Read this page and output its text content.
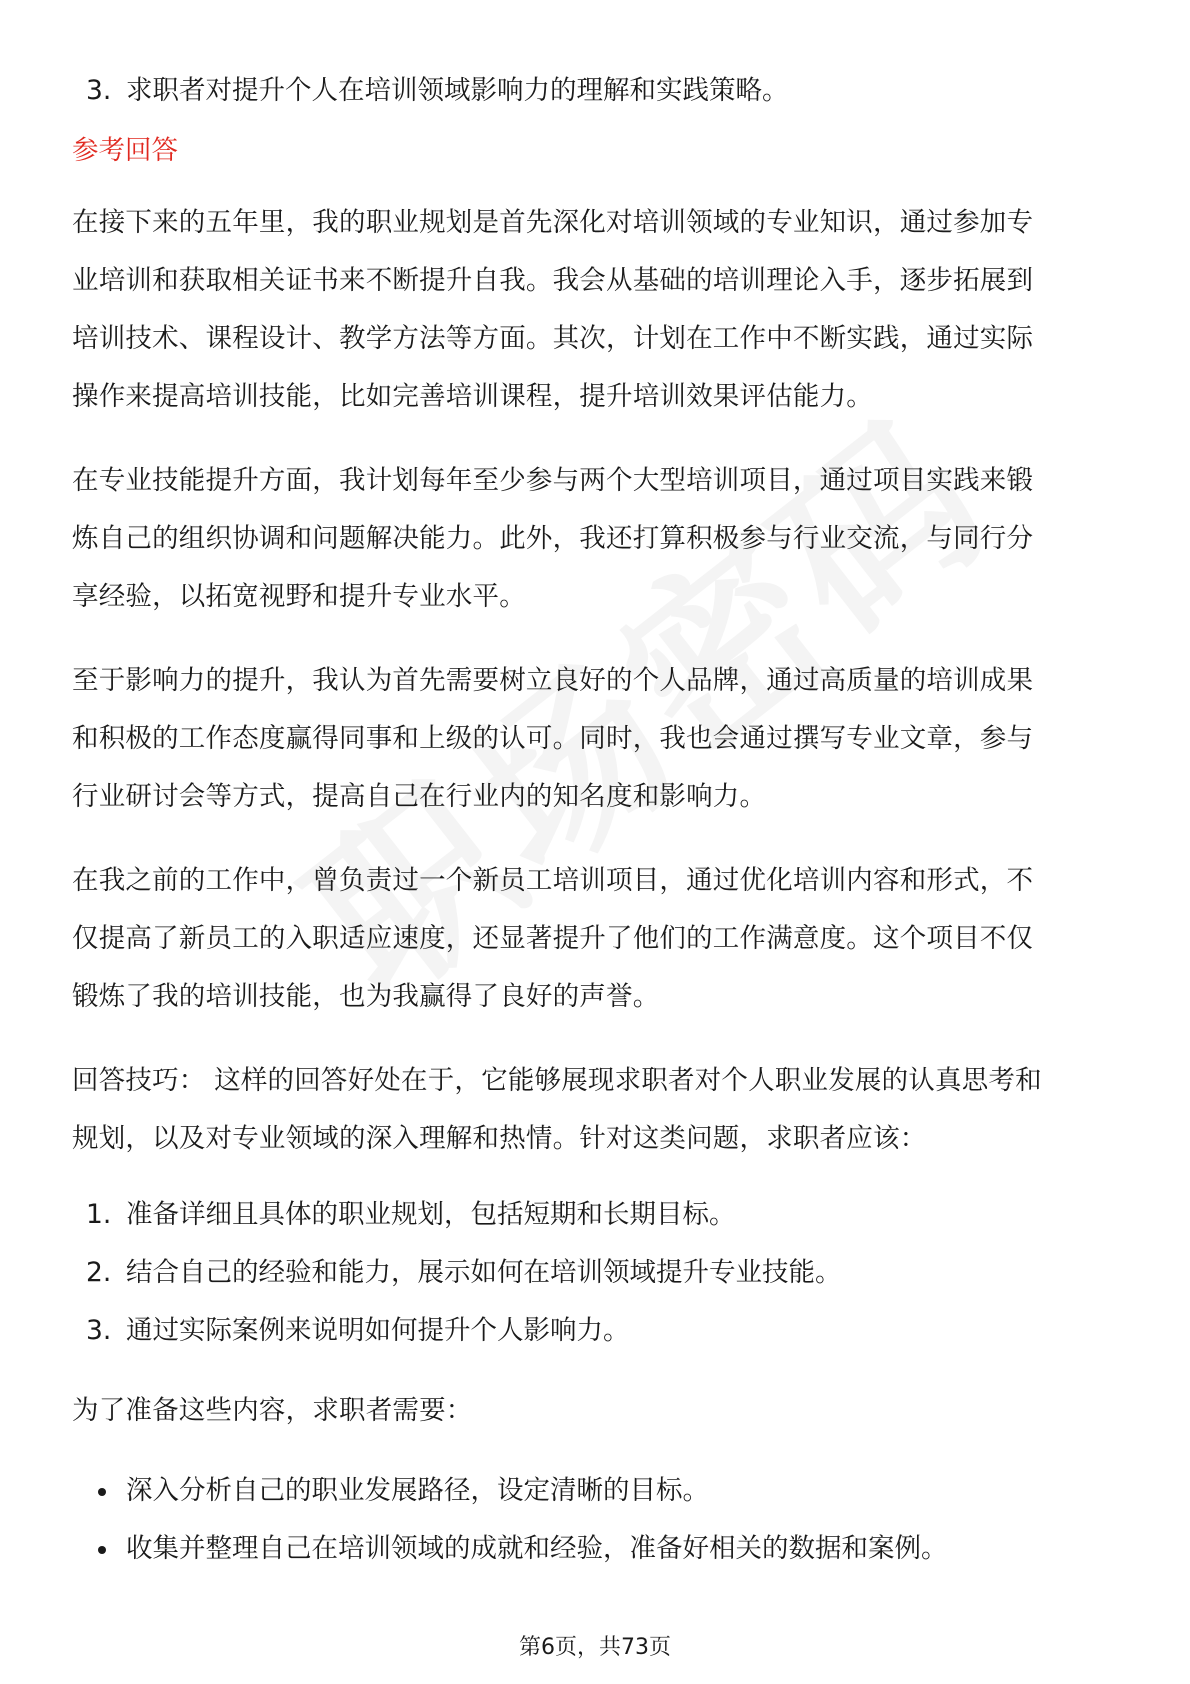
3. 求职者对提升个人在培训领域影响力的理解和实践策略。
参考回答
在接下来的五年里，我的职业规划是首先深化对培训领域的专业知识，通过参加专
业培训和获取相关证书来不断提升自我。我会从基础的培训理论入手，逐步拓展到
培训技术、课程设计、教学方法等方面。其次，计划在工作中不断实践，通过实际
操作来提高培训技能，比如完善培训课程，提升培训效果评估能力。
在专业技能提升方面，我计划每年至少参与两个大型培训项目，通过项目实践来锻
炼自己的组织协调和问题解决能力。此外，我还打算积极参与行业交流，与同行分
享经验，以拓宽视野和提升专业水平。
至于影响力的提升，我认为首先需要树立良好的个人品牌，通过高质量的培训成果
和积极的工作态度赢得同事和上级的认可。同时，我也会通过撰写专业文章，参与
行业研讨会等方式，提高自己在行业内的知名度和影响力。
在我之前的工作中，曾负责过一个新员工培训项目，通过优化培训内容和形式，不
仅提高了新员工的入职适应速度，还显著提升了他们的工作满意度。这个项目不仅
锻炼了我的培训技能，也为我赢得了良好的声誉。
回答技巧： 这样的回答好处在于，它能够展现求职者对个人职业发展的认真思考和
规划，以及对专业领域的深入理解和热情。针对这类问题，求职者应该：
1. 准备详细且具体的职业规划，包括短期和长期目标。
2. 结合自己的经验和能力，展示如何在培训领域提升专业技能。
3. 通过实际案例来说明如何提升个人影响力。
为了准备这些内容，求职者需要：
深入分析自己的职业发展路径，设定清晰的目标。
收集并整理自己在培训领域的成就和经验，准备好相关的数据和案例。
第6页，共73页
